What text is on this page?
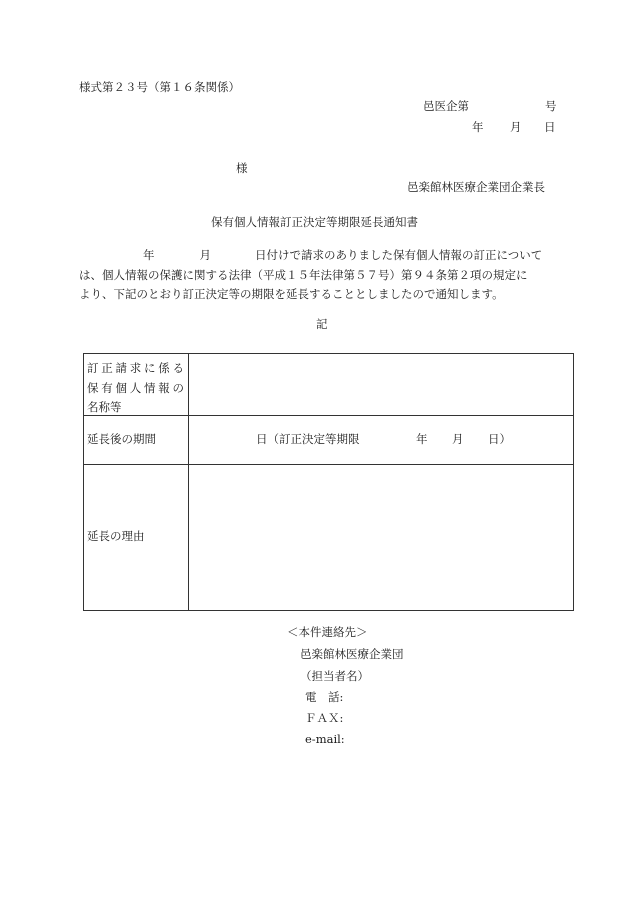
様式第２３号（第１６条関係）
邑医企第	号
年 月 日
様
邑楽館林医療企業団企業長
保有個人情報訂正決定等期限延長通知書
年	月	日付けで請求のありました保有個人情報の訂正について
は、個人情報の保護に関する法律（平成１５年法律第５７号）第９４条第２項の規定に
より、下記のとおり訂正決定等の期限を延長することとしましたので通知します。
記
訂正請求に係る
保有個人情報の
名称等
延長後の期間	日（訂正決定等期限	年 月 日）
延長の理由
＜本件連絡先＞
邑楽館林医療企業団
（担当者名）
電　話:
ＦＡＸ:
e-mail:
